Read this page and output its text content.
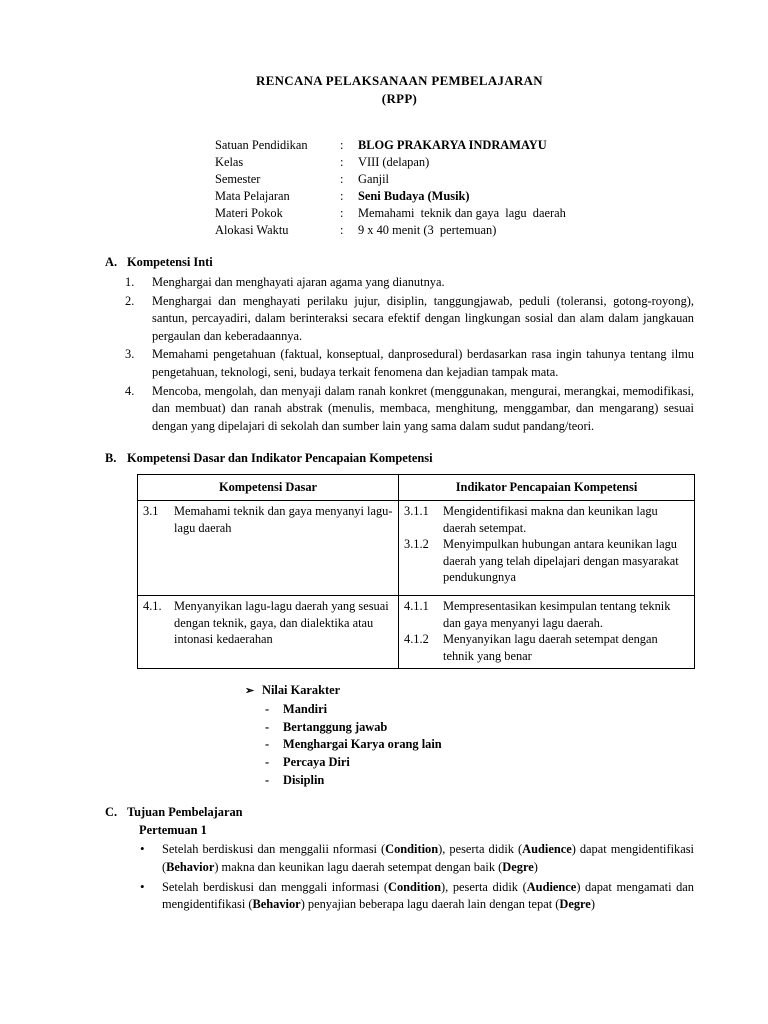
RENCANA PELAKSANAAN PEMBELAJARAN
(RPP)
Satuan Pendidikan	:	BLOG PRAKARYA INDRAMAYU
Kelas	:	VIII (delapan)
Semester	:	Ganjil
Mata Pelajaran	:	Seni Budaya (Musik)
Materi Pokok	:	Memahami  teknik dan gaya  lagu  daerah
Alokasi Waktu	:	9 x 40 menit (3  pertemuan)
A. Kompetensi Inti
1.	Menghargai dan menghayati ajaran agama yang dianutnya.
2.	Menghargai dan menghayati perilaku jujur, disiplin, tanggungjawab, peduli (toleransi, gotong-royong), santun, percayadiri, dalam berinteraksi secara efektif dengan lingkungan sosial dan alam dalam jangkauan pergaulan dan keberadaannya.
3.	Memahami pengetahuan (faktual, konseptual, danprosedural) berdasarkan rasa ingin tahunya tentang ilmu pengetahuan, teknologi, seni, budaya terkait fenomena dan kejadian tampak mata.
4.	Mencoba, mengolah, dan menyaji dalam ranah konkret (menggunakan, mengurai, merangkai, memodifikasi, dan membuat) dan ranah abstrak (menulis, membaca, menghitung, menggambar, dan mengarang) sesuai dengan yang dipelajari di sekolah dan sumber lain yang sama dalam sudut pandang/teori.
B. Kompetensi Dasar dan Indikator Pencapaian Kompetensi
Kompetensi Dasar	Indikator Pencapaian Kompetensi

3.1	Memahami teknik dan gaya menyanyi lagu-lagu daerah

3.1.1	Mengidentifikasi makna dan keunikan lagu daerah setempat.
3.1.2	Menyimpulkan hubungan antara keunikan lagu daerah yang telah dipelajari dengan masyarakat pendukungnya

4.1.	Menyanyikan lagu-lagu daerah yang sesuai dengan teknik, gaya, dan dialektika atau intonasi kedaerahan

4.1.1	Mempresentasikan kesimpulan tentang teknik dan gaya menyanyi lagu daerah.
4.1.2	Menyanyikan lagu daerah setempat dengan tehnik yang benar
➢ Nilai Karakter
-	Mandiri
-	Bertanggung jawab
-	Menghargai Karya orang lain
-	Percaya Diri
-	Disiplin
C. Tujuan Pembelajaran
Pertemuan 1
•	Setelah berdiskusi dan menggalii nformasi (Condition), peserta didik (Audience) dapat mengidentifikasi (Behavior) makna dan keunikan lagu daerah setempat dengan baik (Degre)
•	Setelah berdiskusi dan menggali informasi (Condition), peserta didik (Audience) dapat mengamati dan mengidentifikasi (Behavior) penyajian beberapa lagu daerah lain dengan tepat (Degre)
